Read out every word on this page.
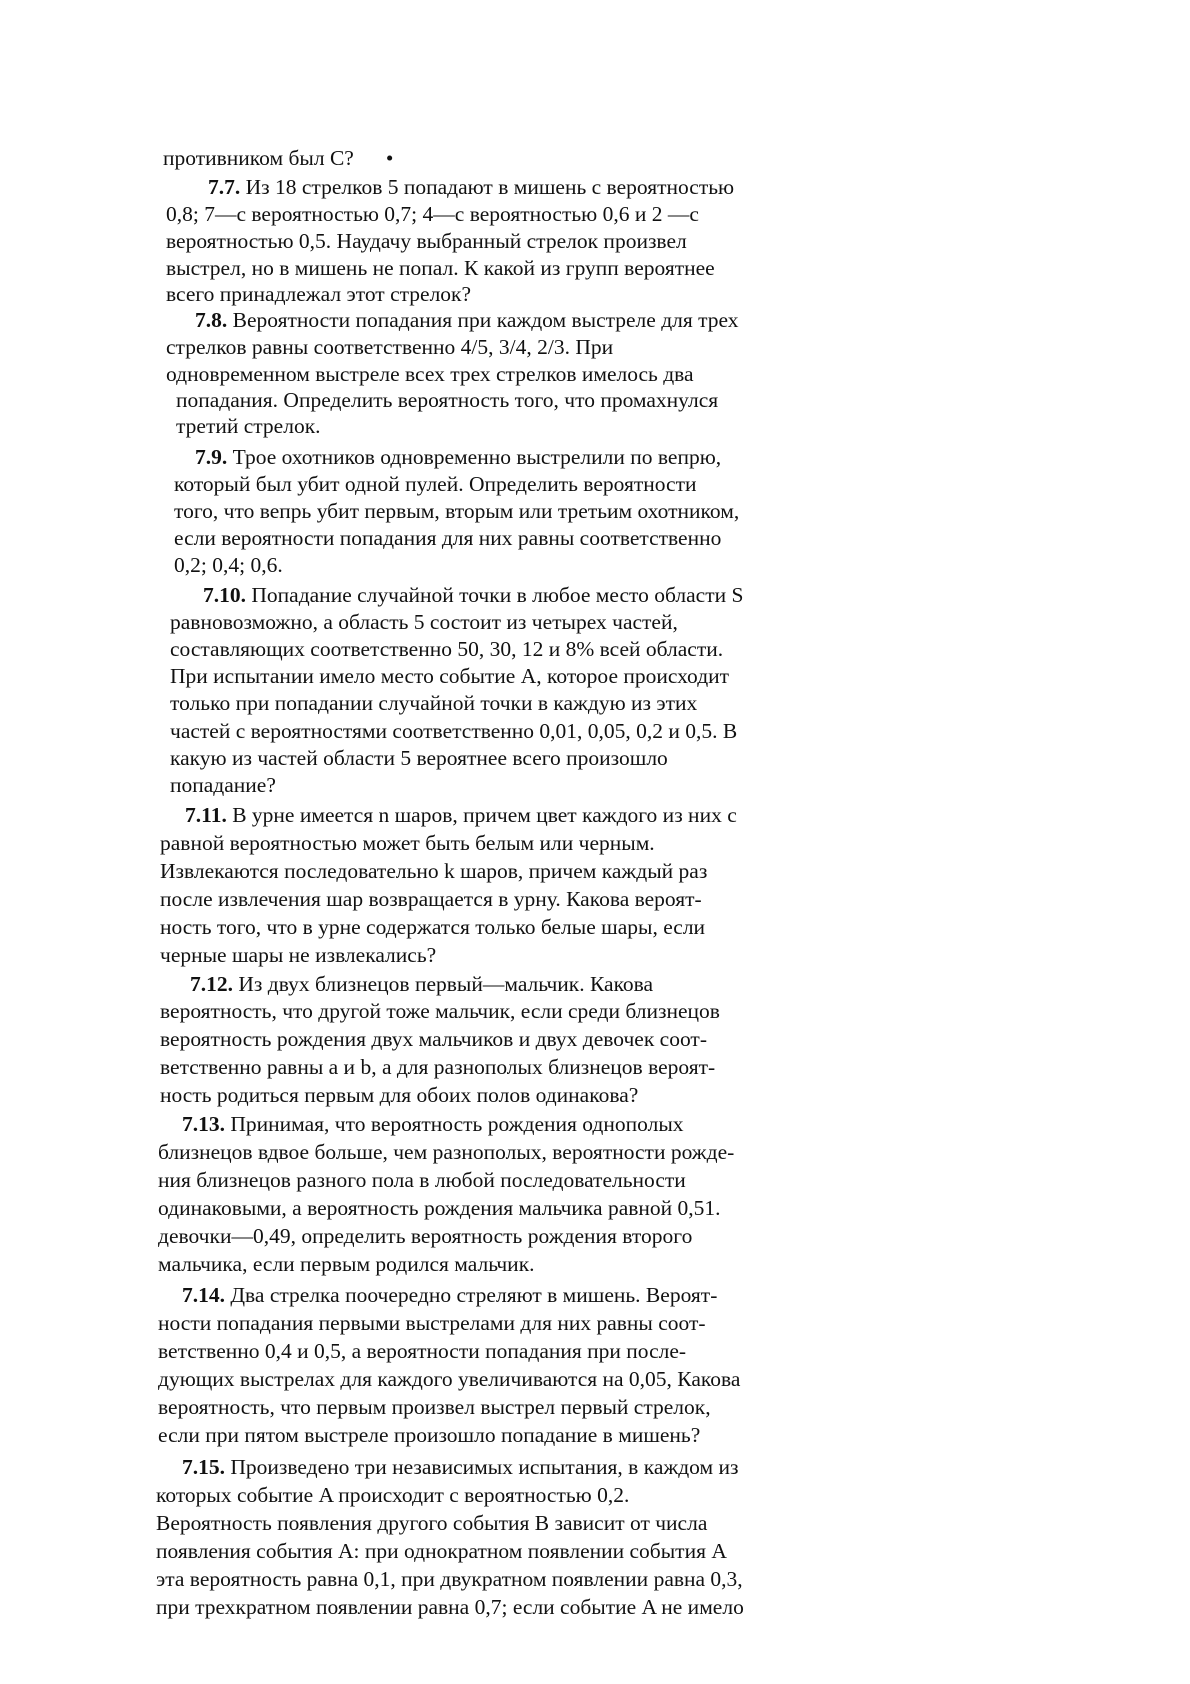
противником был С? •
7.7. Из 18 стрелков 5 попадают в мишень с вероятностью
0,8; 7—с вероятностью 0,7; 4—с вероятностью 0,6 и 2 —с
вероятностью 0,5. Наудачу выбранный стрелок произвел
выстрел, но в мишень не попал. К какой из групп вероятнее
всего принадлежал этот стрелок?
7.8. Вероятности попадания при каждом выстреле для трех
стрелков равны соответственно 4/5, 3/4, 2/3. При
одновременном выстреле всех трех стрелков имелось два
попадания. Определить вероятность того, что промахнулся
третий стрелок.
7.9. Трое охотников одновременно выстрелили по вепрю,
который был убит одной пулей. Определить вероятности
того, что вепрь убит первым, вторым или третьим охотником,
если вероятности попадания для них равны соответственно
0,2; 0,4; 0,6.
7.10. Попадание случайной точки в любое место области S
равновозможно, а область 5 состоит из четырех частей,
составляющих соответственно 50, 30, 12 и 8% всей области.
При испытании имело место событие A, которое происходит
только при попадании случайной точки в каждую из этих
частей с вероятностями соответственно 0,01, 0,05, 0,2 и 0,5. В
какую из частей области 5 вероятнее всего произошло
попадание?
7.11. В урне имеется n шаров, причем цвет каждого из них с
равной вероятностью может быть белым или черным.
Извлекаются последовательно k шаров, причем каждый раз
после извлечения шар возвращается в урну. Какова вероят-
ность того, что в урне содержатся только белые шары, если
черные шары не извлекались?
7.12. Из двух близнецов первый—мальчик. Какова
вероятность, что другой тоже мальчик, если среди близнецов
вероятность рождения двух мальчиков и двух девочек соот-
ветственно равны a и b, а для разнополых близнецов вероят-
ность родиться первым для обоих полов одинакова?
7.13. Принимая, что вероятность рождения однополых
близнецов вдвое больше, чем разнополых, вероятности рожде-
ния близнецов разного пола в любой последовательности
одинаковыми, а вероятность рождения мальчика равной 0,51.
девочки—0,49, определить вероятность рождения второго
мальчика, если первым родился мальчик.
7.14. Два стрелка поочередно стреляют в мишень. Вероят-
ности попадания первыми выстрелами для них равны соот-
ветственно 0,4 и 0,5, а вероятности попадания при после-
дующих выстрелах для каждого увеличиваются на 0,05, Какова
вероятность, что первым произвел выстрел первый стрелок,
если при пятом выстреле произошло попадание в мишень?
7.15. Произведено три независимых испытания, в каждом из
которых событие A происходит с вероятностью 0,2.
Вероятность появления другого события B зависит от числа
появления события A: при однократном появлении события A
эта вероятность равна 0,1, при двукратном появлении равна 0,3,
при трехкратном появлении равна 0,7; если событие A не имело
